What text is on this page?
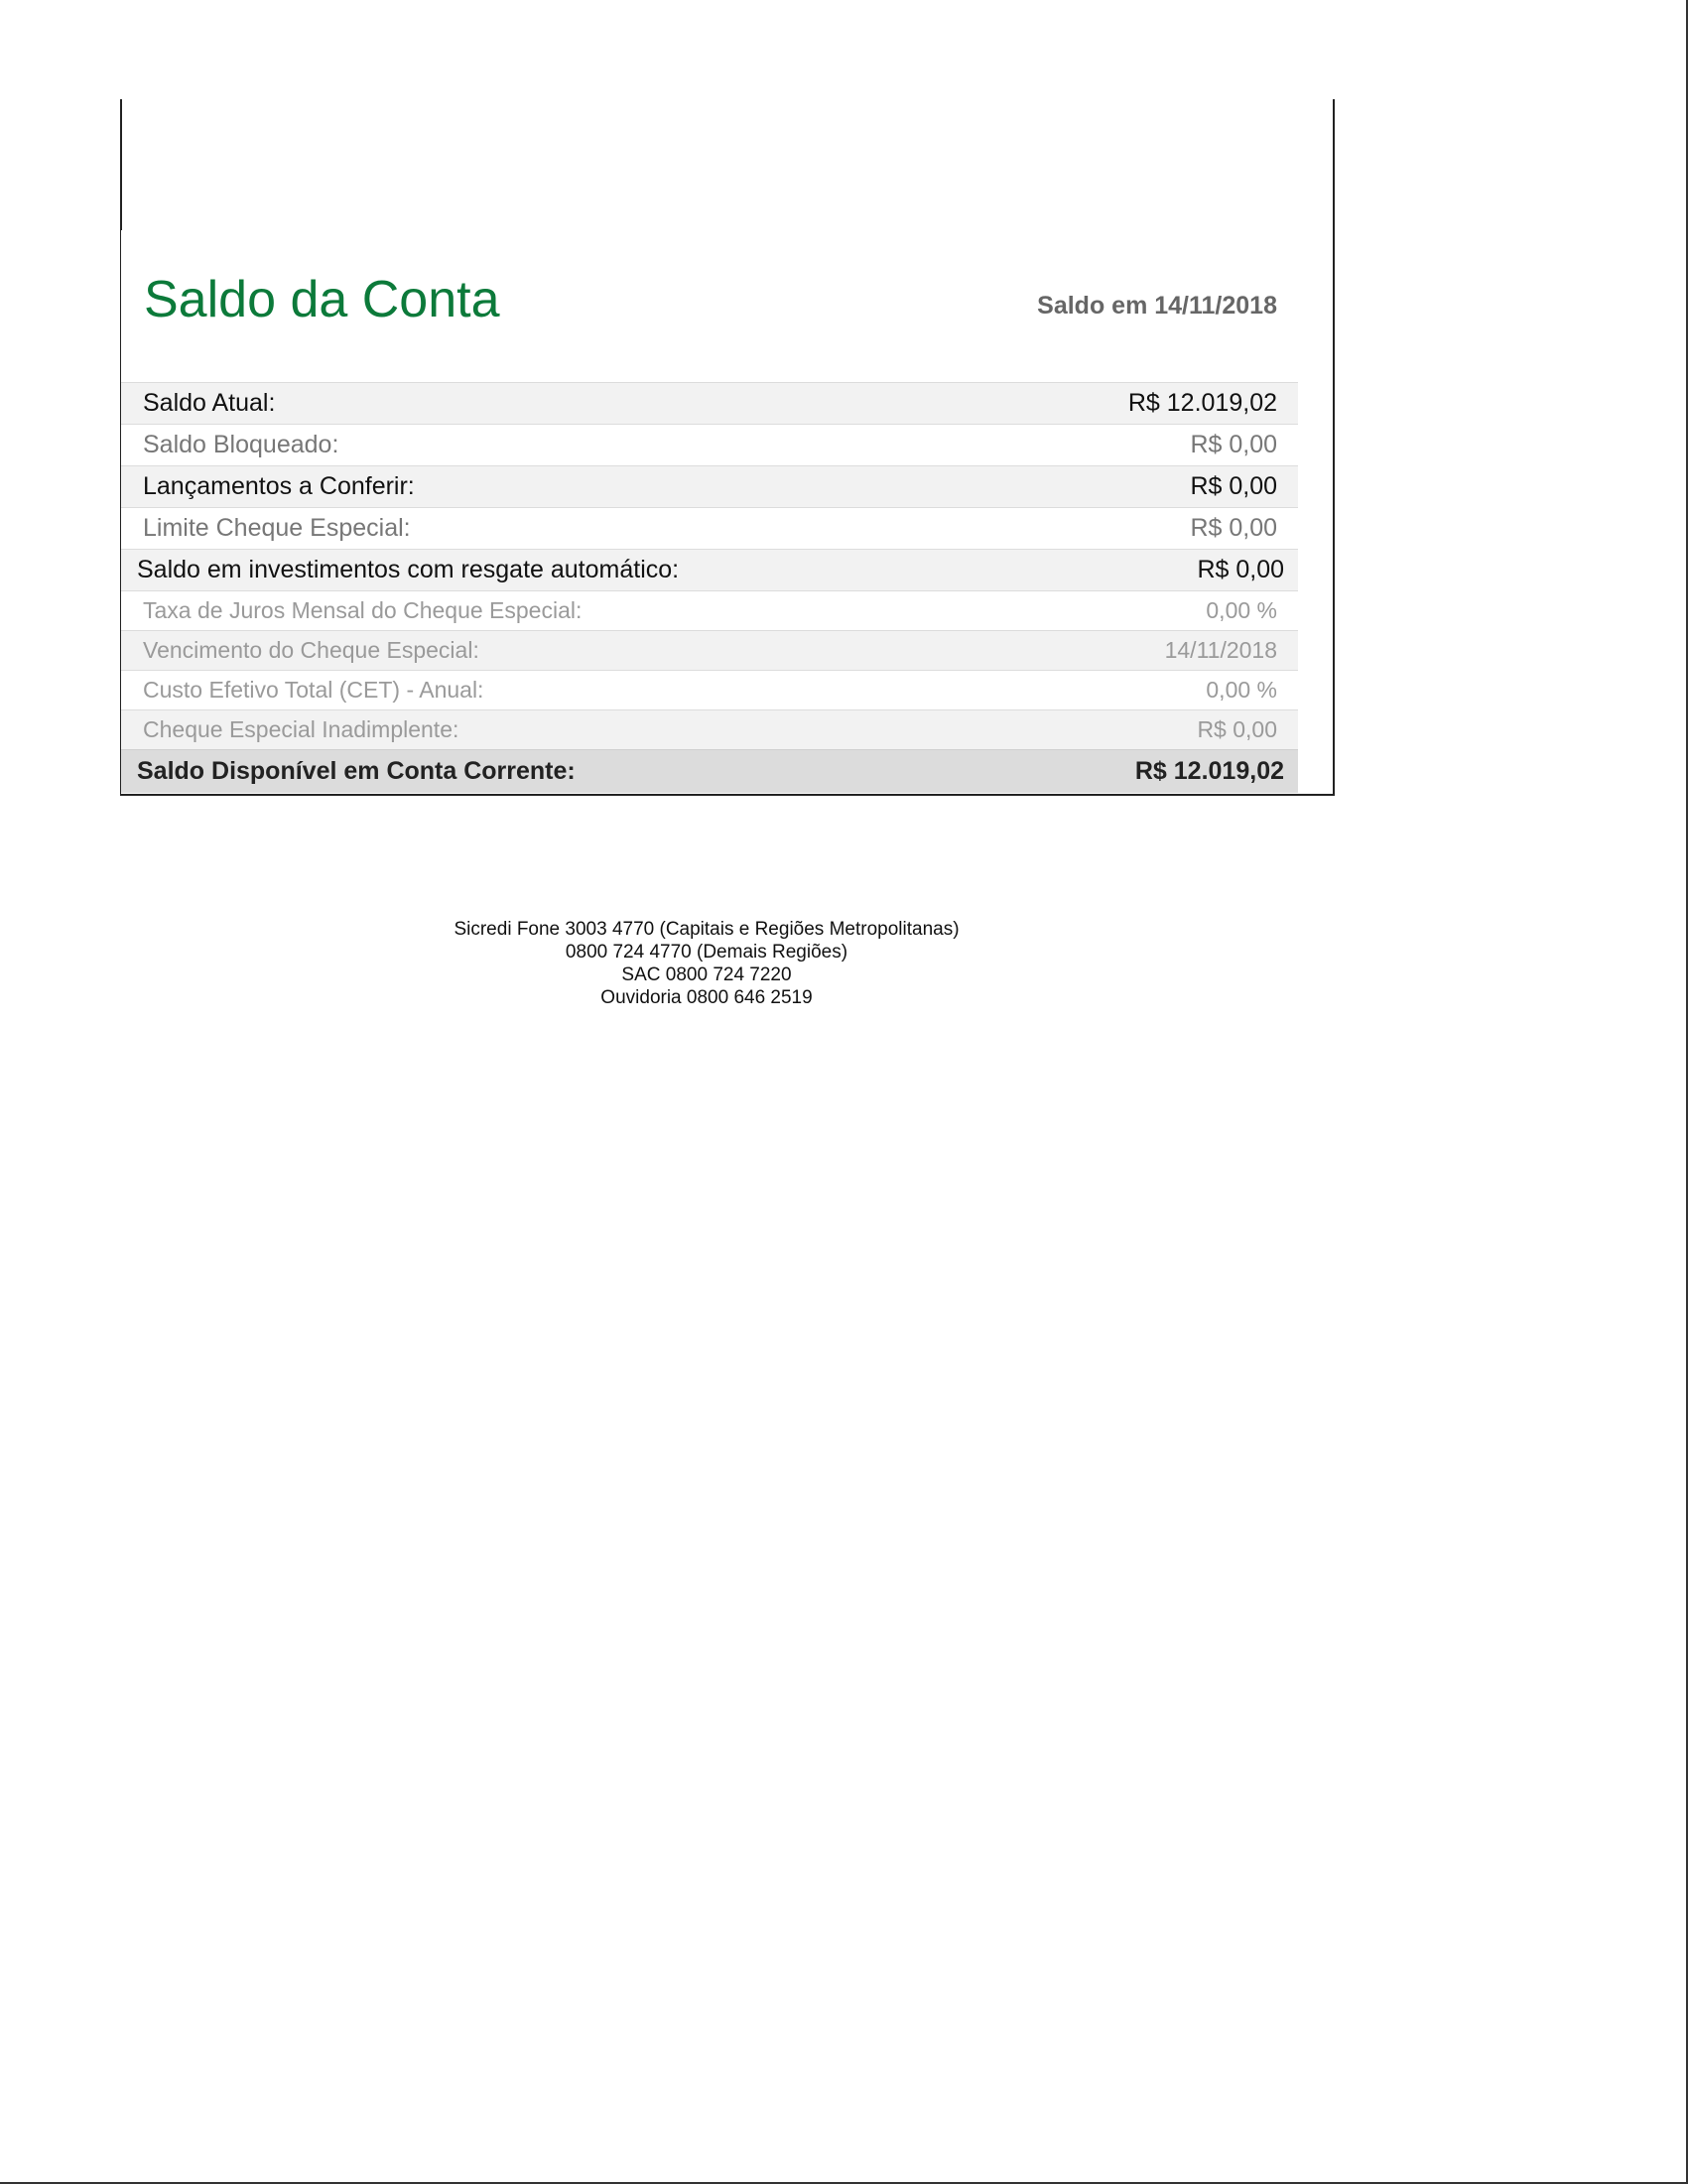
Saldo da Conta	Saldo em 14/11/2018
Saldo Atual:	R$ 12.019,02
Saldo Bloqueado:	R$ 0,00
Lançamentos a Conferir:	R$ 0,00
Limite Cheque Especial:	R$ 0,00
Saldo em investimentos com resgate automático:	R$ 0,00
Taxa de Juros Mensal do Cheque Especial:	0,00 %
Vencimento do Cheque Especial:	14/11/2018
Custo Efetivo Total (CET) - Anual:	0,00 %
Cheque Especial Inadimplente:	R$ 0,00
Saldo Disponível em Conta Corrente:	R$ 12.019,02
Sicredi Fone 3003 4770 (Capitais e Regiões Metropolitanas)
0800 724 4770 (Demais Regiões)
SAC 0800 724 7220
Ouvidoria 0800 646 2519
